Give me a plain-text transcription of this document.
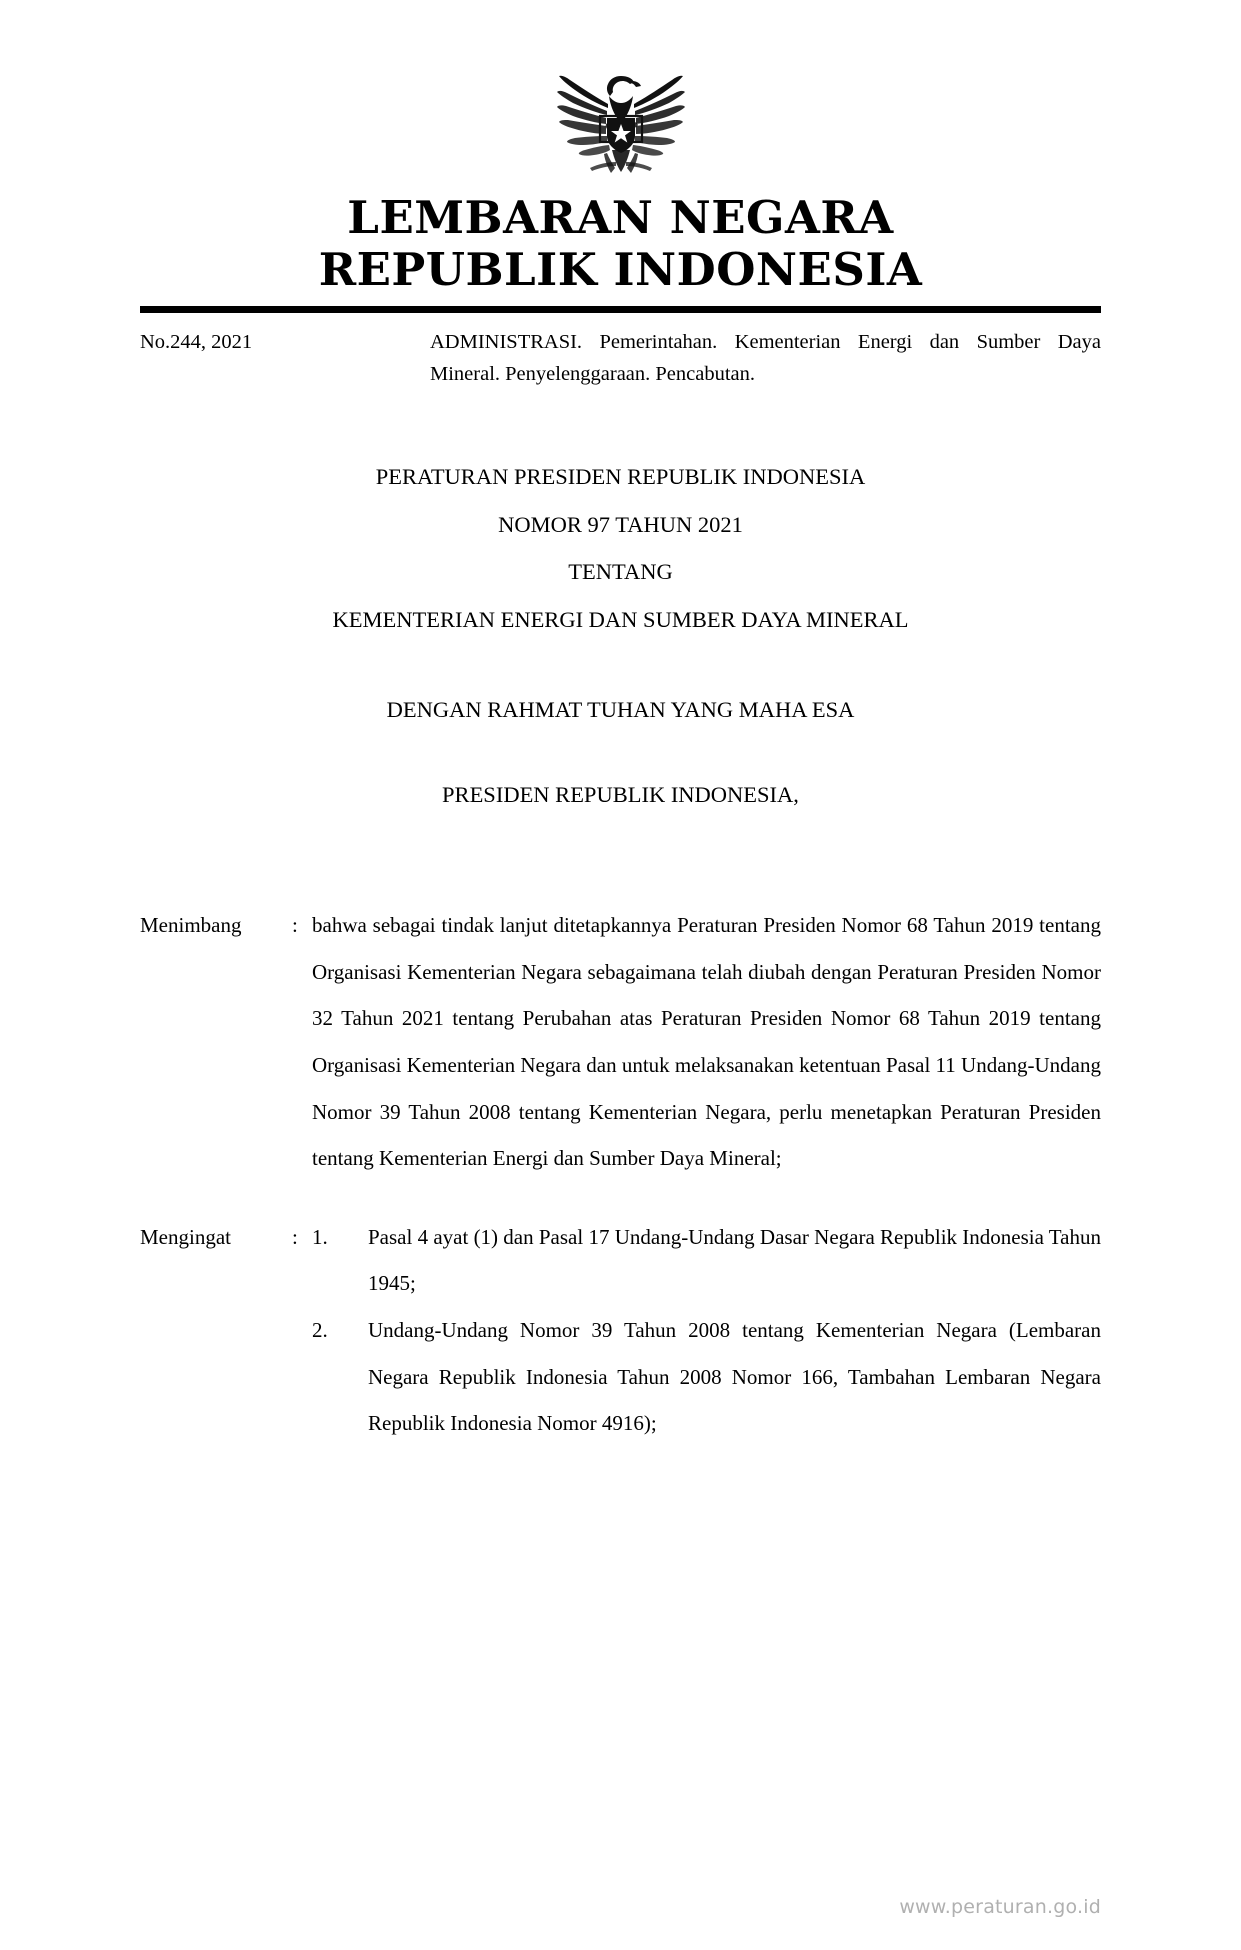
LEMBARAN NEGARA
REPUBLIK INDONESIA
No.244, 2021	ADMINISTRASI. Pemerintahan. Kementerian Energi dan Sumber Daya Mineral. Penyelenggaraan. Pencabutan.
PERATURAN PRESIDEN REPUBLIK INDONESIA
NOMOR 97 TAHUN 2021
TENTANG
KEMENTERIAN ENERGI DAN SUMBER DAYA MINERAL
DENGAN RAHMAT TUHAN YANG MAHA ESA
PRESIDEN REPUBLIK INDONESIA,
Menimbang	: bahwa sebagai tindak lanjut ditetapkannya Peraturan Presiden Nomor 68 Tahun 2019 tentang Organisasi Kementerian Negara sebagaimana telah diubah dengan Peraturan Presiden Nomor 32 Tahun 2021 tentang Perubahan atas Peraturan Presiden Nomor 68 Tahun 2019 tentang Organisasi Kementerian Negara dan untuk melaksanakan ketentuan Pasal 11 Undang-Undang Nomor 39 Tahun 2008 tentang Kementerian Negara, perlu menetapkan Peraturan Presiden tentang Kementerian Energi dan Sumber Daya Mineral;
Mengingat	: 1.	Pasal 4 ayat (1) dan Pasal 17 Undang-Undang Dasar Negara Republik Indonesia Tahun 1945;
2.	Undang-Undang Nomor 39 Tahun 2008 tentang Kementerian Negara (Lembaran Negara Republik Indonesia Tahun 2008 Nomor 166, Tambahan Lembaran Negara Republik Indonesia Nomor 4916);
www.peraturan.go.id
